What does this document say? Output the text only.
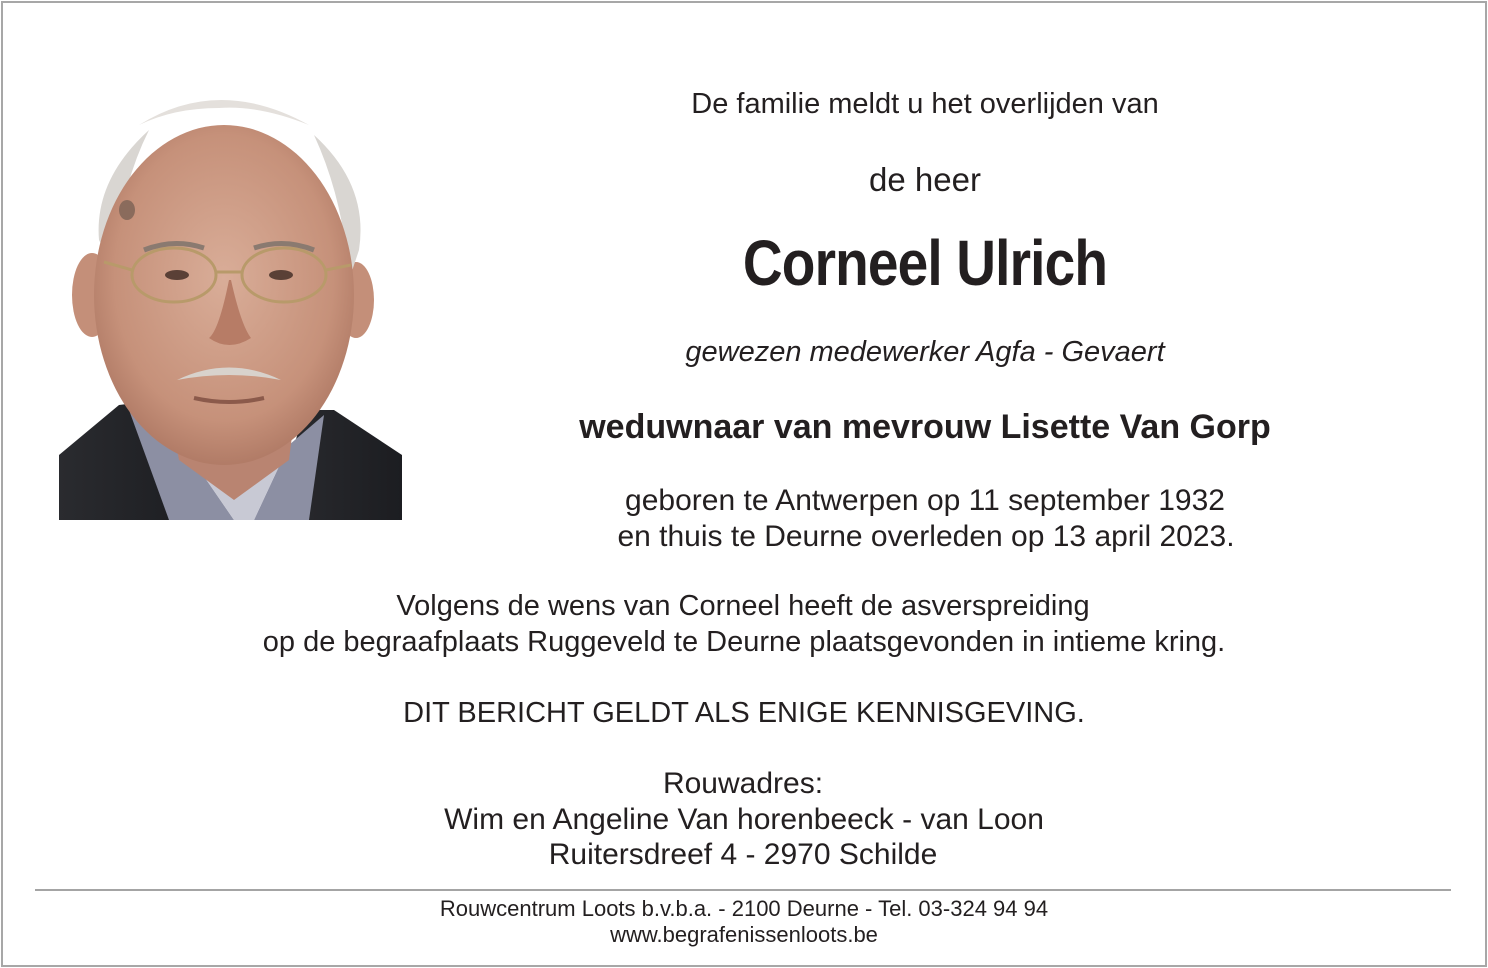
De familie meldt u het overlijden van
de heer
Corneel Ulrich
gewezen medewerker Agfa - Gevaert
weduwnaar van mevrouw Lisette Van Gorp
geboren te Antwerpen op 11 september 1932
en thuis te Deurne overleden op 13 april 2023.
Volgens de wens van Corneel heeft de asverspreiding
op de begraafplaats Ruggeveld te Deurne plaatsgevonden in intieme kring.
DIT BERICHT GELDT ALS ENIGE KENNISGEVING.
Rouwadres:
Wim en Angeline Van horenbeeck - van Loon
Ruitersdreef 4 - 2970 Schilde
Rouwcentrum Loots b.v.b.a. - 2100 Deurne - Tel. 03-324 94 94
www.begrafenissenloots.be
